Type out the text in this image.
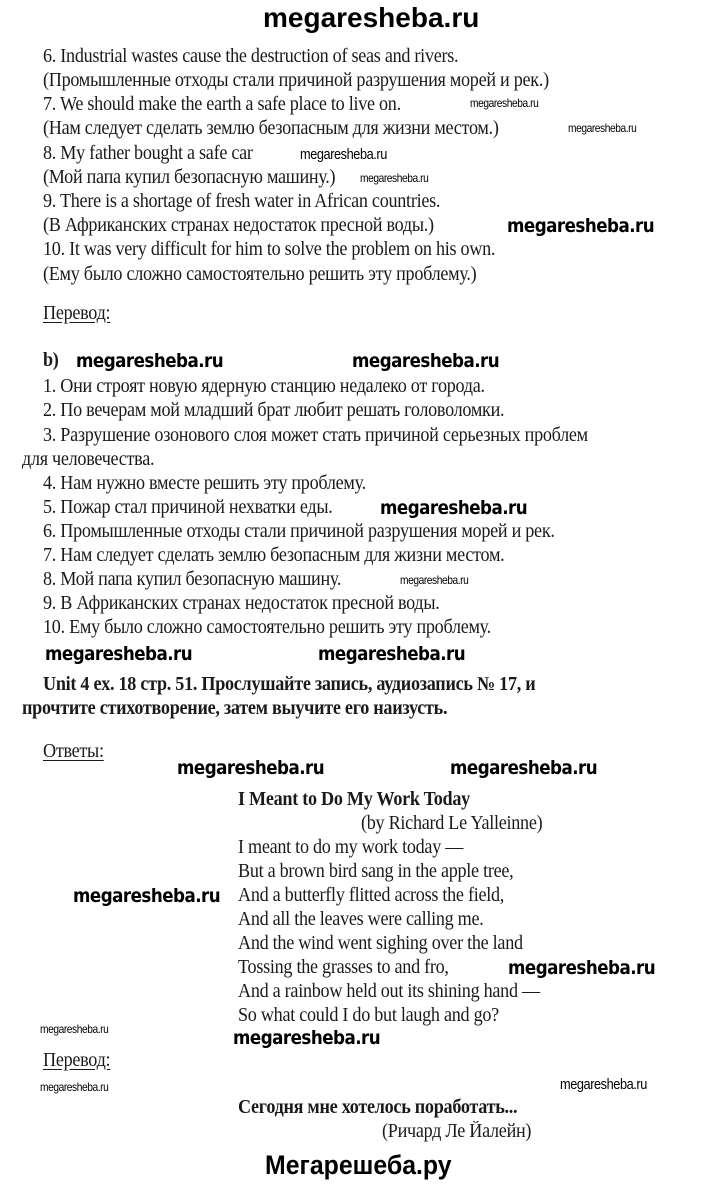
megaresheba.ru
6. Industrial wastes cause the destruction of seas and rivers.
(Промышленные отходы стали причиной разрушения морей и рек.)
7. We should make the earth a safe place to live on.	megaresheba.ru
(Нам следует сделать землю безопасным для жизни местом.)	megaresheba.ru
8. My father bought a safe car	megaresheba.ru
(Мой папа купил безопасную машину.) megaresheba.ru
9. There is a shortage of fresh water in African countries.
(В Африканских странах недостаток пресной воды.)	megaresheba.ru
10. It was very difficult for him to solve the problem on his own.
(Ему было сложно самостоятельно решить эту проблему.)
Перевод:
b) megaresheba.ru	megaresheba.ru
1. Они строят новую ядерную станцию недалеко от города.
2. По вечерам мой младший брат любит решать головоломки.
3. Разрушение озонового слоя может стать причиной серьезных проблем
для человечества.
4. Нам нужно вместе решить эту проблему.
5. Пожар стал причиной нехватки еды. megaresheba.ru
6. Промышленные отходы стали причиной разрушения морей и рек.
7. Нам следует сделать землю безопасным для жизни местом.
8. Мой папа купил безопасную машину.	megaresheba.ru
9. В Африканских странах недостаток пресной воды.
10. Ему было сложно самостоятельно решить эту проблему.
megaresheba.ru	megaresheba.ru
Unit 4 ex. 18 стр. 51. Прослушайте запись, аудиозапись № 17, и
прочтите стихотворение, затем выучите его наизусть.
Ответы:
megaresheba.ru	megaresheba.ru
I Meant to Do My Work Today
(by Richard Le Yalleinne)
I meant to do my work today —
But a brown bird sang in the apple tree,
megaresheba.ru And a butterfly flitted across the field,
And all the leaves were calling me.
And the wind went sighing over the land
Tossing the grasses to and fro,	megaresheba.ru
And a rainbow held out its shining hand —
So what could I do but laugh and go?
megaresheba.ru	megaresheba.ru
Перевод:
megaresheba.ru	megaresheba.ru
Сегодня мне хотелось поработать...
(Ричард Ле Йалейн)
Мегарешеба.ру
